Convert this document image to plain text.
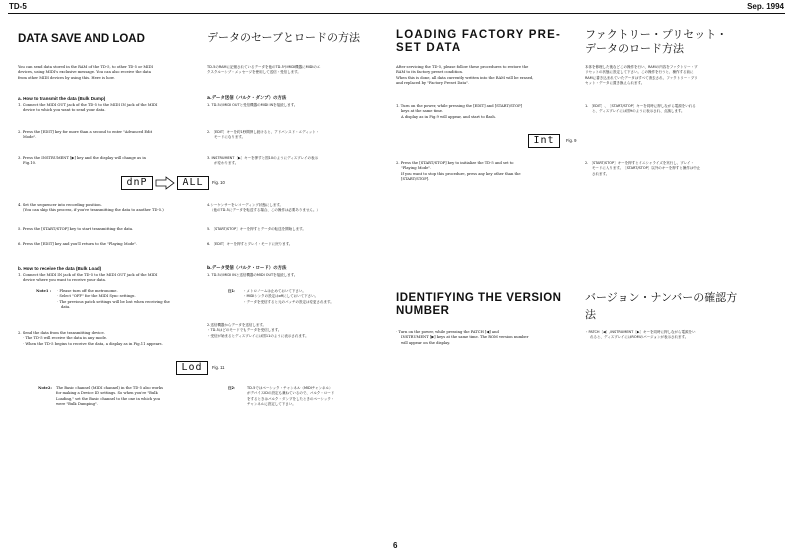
TD-5	Sep. 1994
DATA SAVE AND LOAD
You can send data stored in the RAM of the TD-5, to other TD-5 or MIDI
devices, using MIDI's exclusive message. You can also receive the data
from other MIDI devices by using this. Here is how.
a. How to transmit the data (Bulk Dump)
1. Connect the MIDI OUT jack of the TD-5 to the MIDI IN jack of the MIDI
device to which you want to send your data.
2. Press the [EDIT] key for more than a second to enter "Advanced Edit
Mode".
3. Press the INSTRUMENT [▶] key and the display will change as in
Fig.10.
4. Set the sequencer into recording position.
(You can skip this process, if you're transmitting the data to another TD-5.)
5. Press the [START/STOP] key to start transmitting the data.
6. Press the [EDIT] key and you'll return to the "Playing Mode".
b. How to receive the data (Bulk Load)
1. Connect the MIDI IN jack of the TD-5 to the MIDI OUT jack of the MIDI
device where you want to receive your data.
Note1 : · Please turn off the metronome.
· Select "OFF" for the MIDI Sync settings.
· The previous patch settings will be lost when receiving the
data.
2. Send the data from the transmitting device.
· The TD-5 will receive the data in any mode.
· When the TD-5 begins to receive the data, a display as in Fig.11 appears.
Note2: The Basic channel (MIDI channel) in the TD-5 also works
for making a Device ID settings. So when you're "Bulk
Loading," set the Basic channel to the one in which you
were "Bulk Dumping".
データのセーブとロードの方法
TD-5のRAMに記憶されているデータを他のTD-5やMIDI機器にMIDIのエ
クスクルーシブ・メッセージを使用して送信・受信します。
a.データ送信（バルク・ダンプ）の方法
1. TD-5のMIDI OUTと受信機器のMIDI INを接続します。
2. ［EDIT］キーを約1秒間押し続けると、アドバンスド・エディット・
モードになります。
3. INSTRUMENT［▶］キーを押すと図10のようにディスプレイの表示
が変わります。
4.シーケンサーをレコーディング状態にします。
（他のTD-5にデータを転送する場合、この操作は必要ありません。）
5. ［START/STOP］キーを押すとデータの転送を開始します。
6. ［EDIT］キーを押すとプレイ・モードに戻ります。
b.データ受信（バルク・ロード）の方法
1. TD-5のMIDI INと送信機器のMIDI OUTを接続します。
注1： ・メトロノームは止めておいて下さい。
・MIDIシンクの設定はoffにしておいて下さい。
・データを受信すると元のパッチの設定は変更されます。
2.送信機器からデータを送信します。
・TD-5はどのモードでもデータを受信します。
・受信が始まるとディスプレイには図11のように表示されます。
注2：	TD-5ではベーシック・チャンネル（MIDIチャンネル）
がデバイスIDの設定も兼ねているので、バルク・ロード
をするときはバルク・ダンプをしたときのベーシック・
チャンネルに設定して下さい。
dnP	ALL	Fig. 10
Lod	Fig. 11
LOADING FACTORY PRE-
SET DATA
After servicing the TD-5, please follow these procedures to restore the
RAM to its factory preset condition.
When this is done, all data currently written into the RAM will be erased,
and replaced by "Factory Preset Data".
1. Turn on the power, while pressing the [EDIT] and [START/STOP]
keys at the same time.
A display as in Fig.9 will appear, and start to flash.
Int	Fig. 9
2. Press the [START/STOP] key to initialize the TD-5 and set to
"Playing Mode".
If you want to stop this procedure, press any key other than the
[START/STOP].
IDENTIFYING THE VERSION
NUMBER
· Turn on the power, while pressing the PATCH [◀] and
INSTRUMENT [▶] keys at the same time. The ROM version number
will appear on the display.
ファクトリー・プリセット・
データのロード方法
本体を修理した後などこの操作を行い、RAMの内容をファクトリー・プ
リセットの状態に設定して下さい。この操作を行うと、操作する前に
RAMに書き込まれていたデータはすべて消去され、ファクトリー・プリ
セット・データに置き換えられます。
1. ［EDIT］、［START/STOP］キーを同時に押しながら電源をいれる
と、ディスプレイには図9のように表示され、点滅します。
2. ［START/STOP］キーを押すとイニシャライズを実行し、プレイ・
モードに入ります。［START/STOP］以外のキーを押すと操作は中止
されます。
バージョン・ナンバーの確認方
法
・PATCH［◀］,INSTRUMENT［▶］キーを同時に押しながら電源をい
れると、ディスプレイにはROMのバージョンが表示されます。
6
